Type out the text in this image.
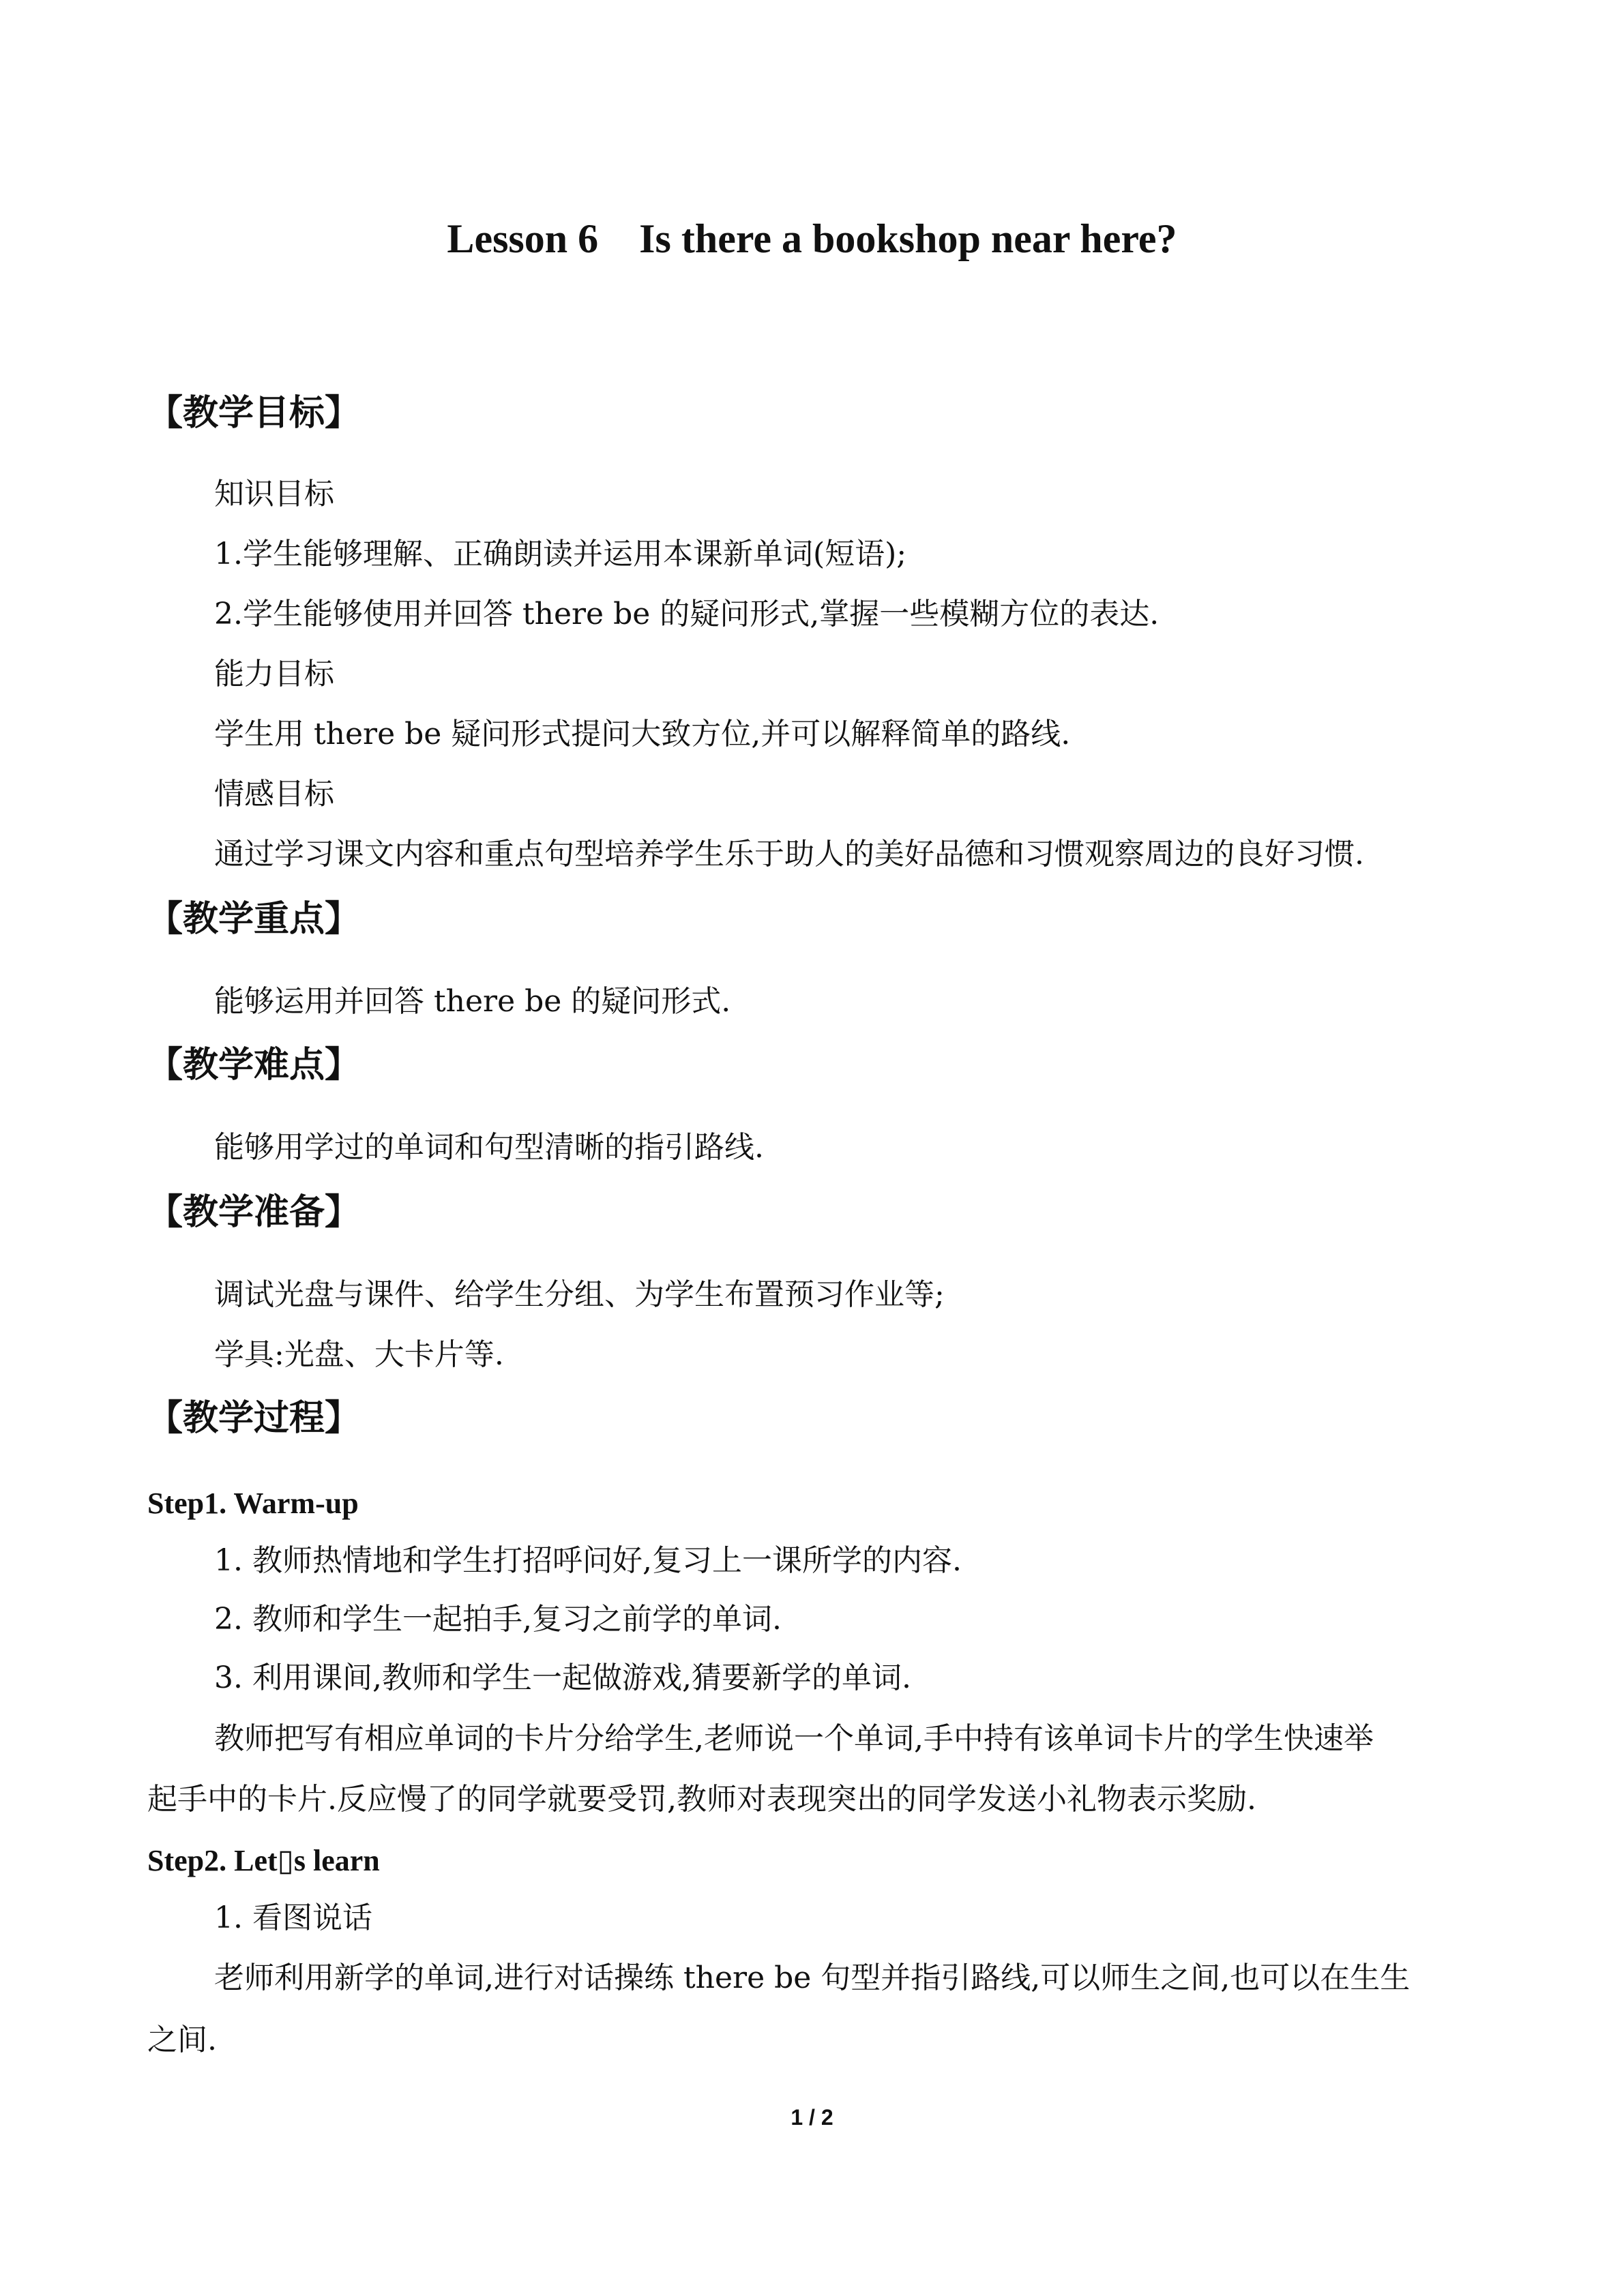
Lesson 6    Is there a bookshop near here?
【教学目标】
知识目标
1.学生能够理解、正确朗读并运用本课新单词(短语);
2.学生能够使用并回答 there be 的疑问形式,掌握一些模糊方位的表达.
能力目标
学生用 there be 疑问形式提问大致方位,并可以解释简单的路线.
情感目标
通过学习课文内容和重点句型培养学生乐于助人的美好品德和习惯观察周边的良好习惯.
【教学重点】
能够运用并回答 there be 的疑问形式.
【教学难点】
能够用学过的单词和句型清晰的指引路线.
【教学准备】
调试光盘与课件、给学生分组、为学生布置预习作业等;
学具:光盘、大卡片等.
【教学过程】
Step1. Warm-up
1. 教师热情地和学生打招呼问好,复习上一课所学的内容.
2. 教师和学生一起拍手,复习之前学的单词.
3. 利用课间,教师和学生一起做游戏,猜要新学的单词.
教师把写有相应单词的卡片分给学生,老师说一个单词,手中持有该单词卡片的学生快速举
起手中的卡片.反应慢了的同学就要受罚,教师对表现突出的同学发送小礼物表示奖励.
Step2. Let▯s learn
1. 看图说话
老师利用新学的单词,进行对话操练 there be 句型并指引路线,可以师生之间,也可以在生生
之间.
1 / 2
